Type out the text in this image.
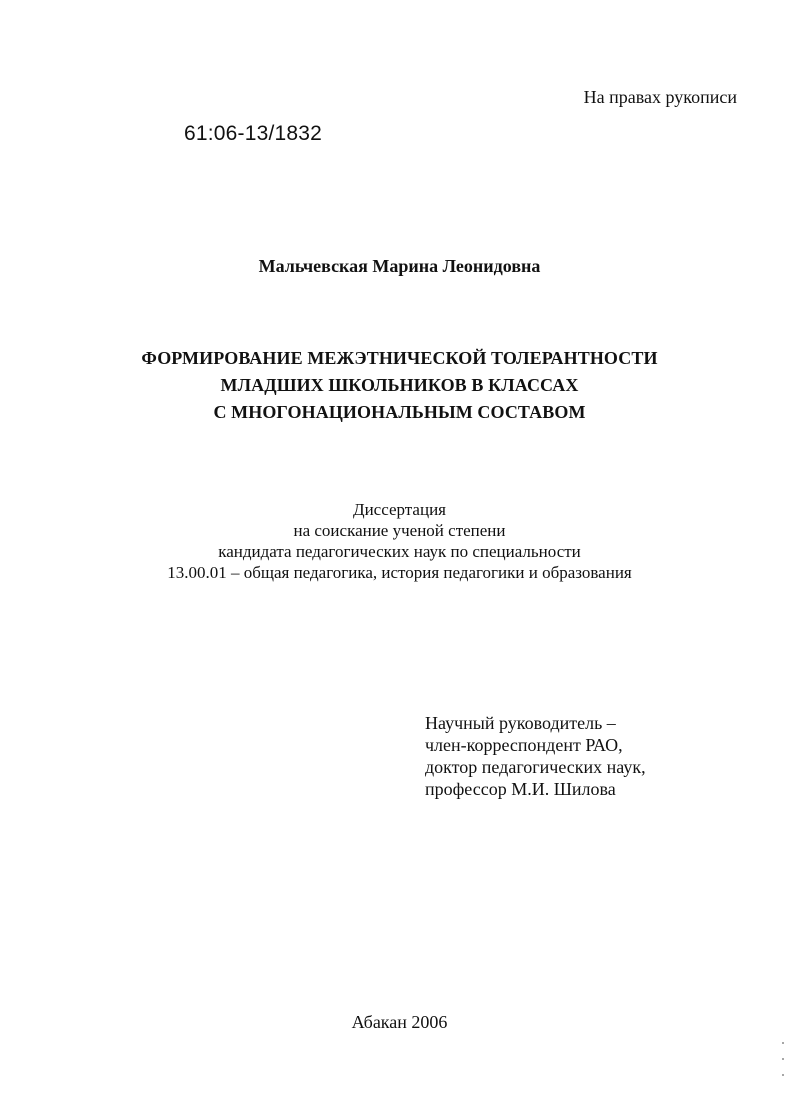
На правах рукописи
61:06-13/1832
Мальчевская Марина Леонидовна
ФОРМИРОВАНИЕ МЕЖЭТНИЧЕСКОЙ ТОЛЕРАНТНОСТИ
МЛАДШИХ ШКОЛЬНИКОВ В КЛАССАХ
С МНОГОНАЦИОНАЛЬНЫМ СОСТАВОМ
Диссертация
на соискание ученой степени
кандидата педагогических наук по специальности
13.00.01 – общая педагогика, история педагогики и образования
Научный руководитель –
член-корреспондент РАО,
доктор педагогических наук,
профессор М.И. Шилова
Абакан 2006
